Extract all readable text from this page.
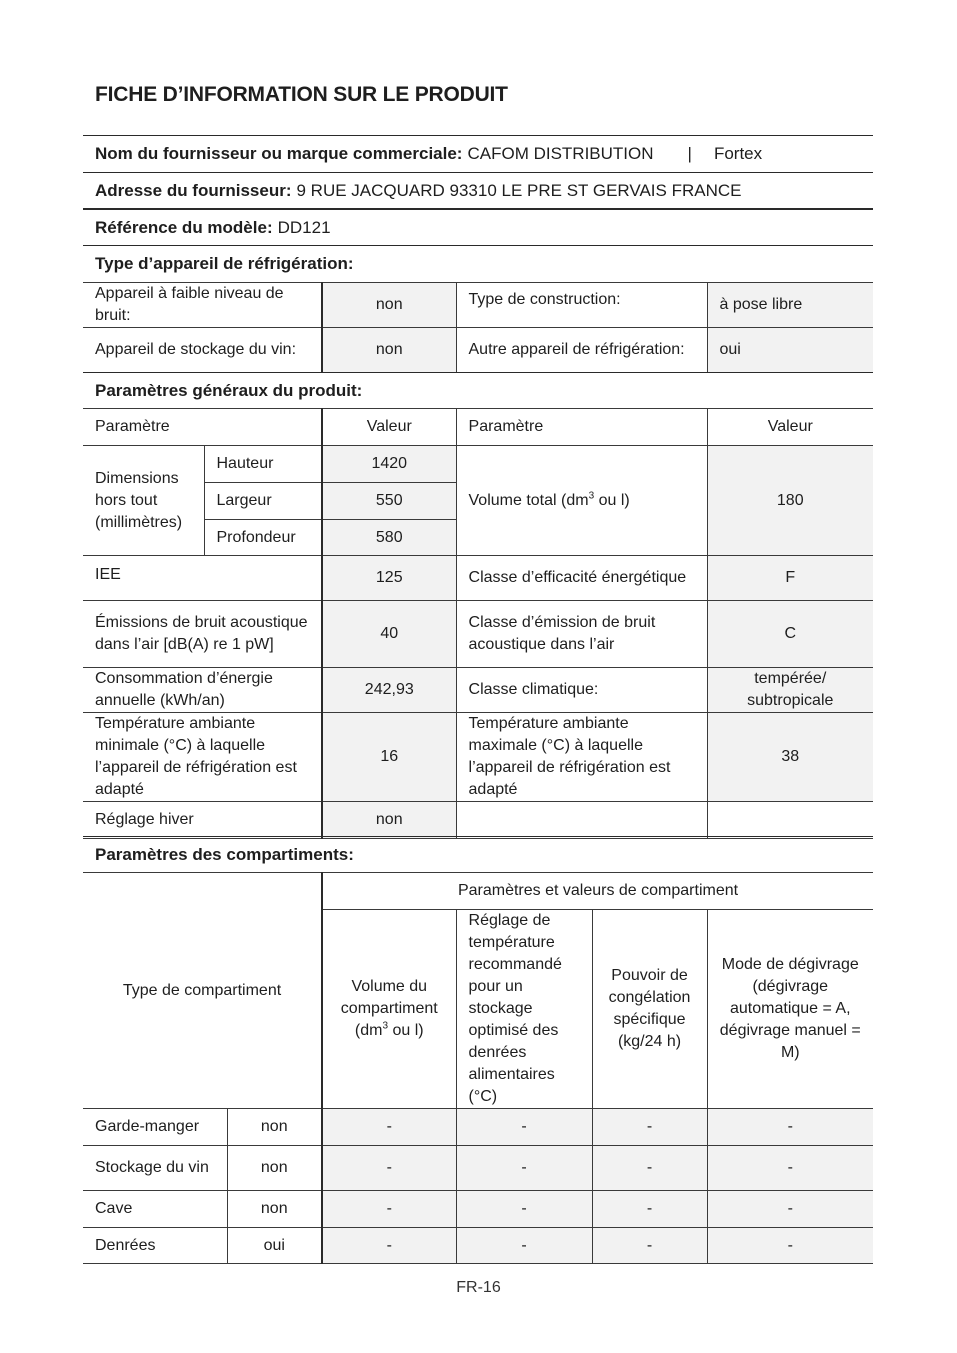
FICHE D’INFORMATION SUR LE PRODUIT
Nom du fournisseur ou marque commerciale: CAFOM DISTRIBUTION | Fortex
Adresse du fournisseur: 9 RUE JACQUARD 93310 LE PRE ST GERVAIS FRANCE
Référence du modèle: DD121
Type d’appareil de réfrigération:
Appareil à faible niveau de bruit:	non	Type de construction:	à pose libre
Appareil de stockage du vin:	non	Autre appareil de réfrigération:	oui
Paramètres généraux du produit:
Paramètre		Valeur	Paramètre	Valeur
Dimensions hors tout (millimètres)	Hauteur	1420	Volume total ($dm^3$ ou l)	180
	Largeur	550		
	Profondeur	580		
IEE		125	Classe d’efficacité énergétique	F
Émissions de bruit acoustique dans l’air [dB(A) re 1 pW]		40	Classe d’émission de bruit acoustique dans l’air	C
Consommation d’énergie annuelle (kWh/an)		242,93	Classe climatique:	tempérée/ subtropicale
Température ambiante minimale (°C) à laquelle l’appareil de réfrigération est adapté		16	Température ambiante maximale (°C) à laquelle l’appareil de réfrigération est adapté	38
Réglage hiver		non		
Paramètres des compartiments:
Type de compartiment		Paramètres et valeurs de compartiment			
		Volume du compartiment ($dm^3$ ou l)	Réglage de température recommandé pour un stockage optimisé des denrées alimentaires (°C)	Pouvoir de congélation spécifique (kg/24 h)	Mode de dégivrage (dégivrage automatique = A, dégivrage manuel = M)
Garde-manger	non	-	-	-	-
Stockage du vin	non	-	-	-	-
Cave	non	-	-	-	-
Denrées	oui	-	-	-	-
FR-16
